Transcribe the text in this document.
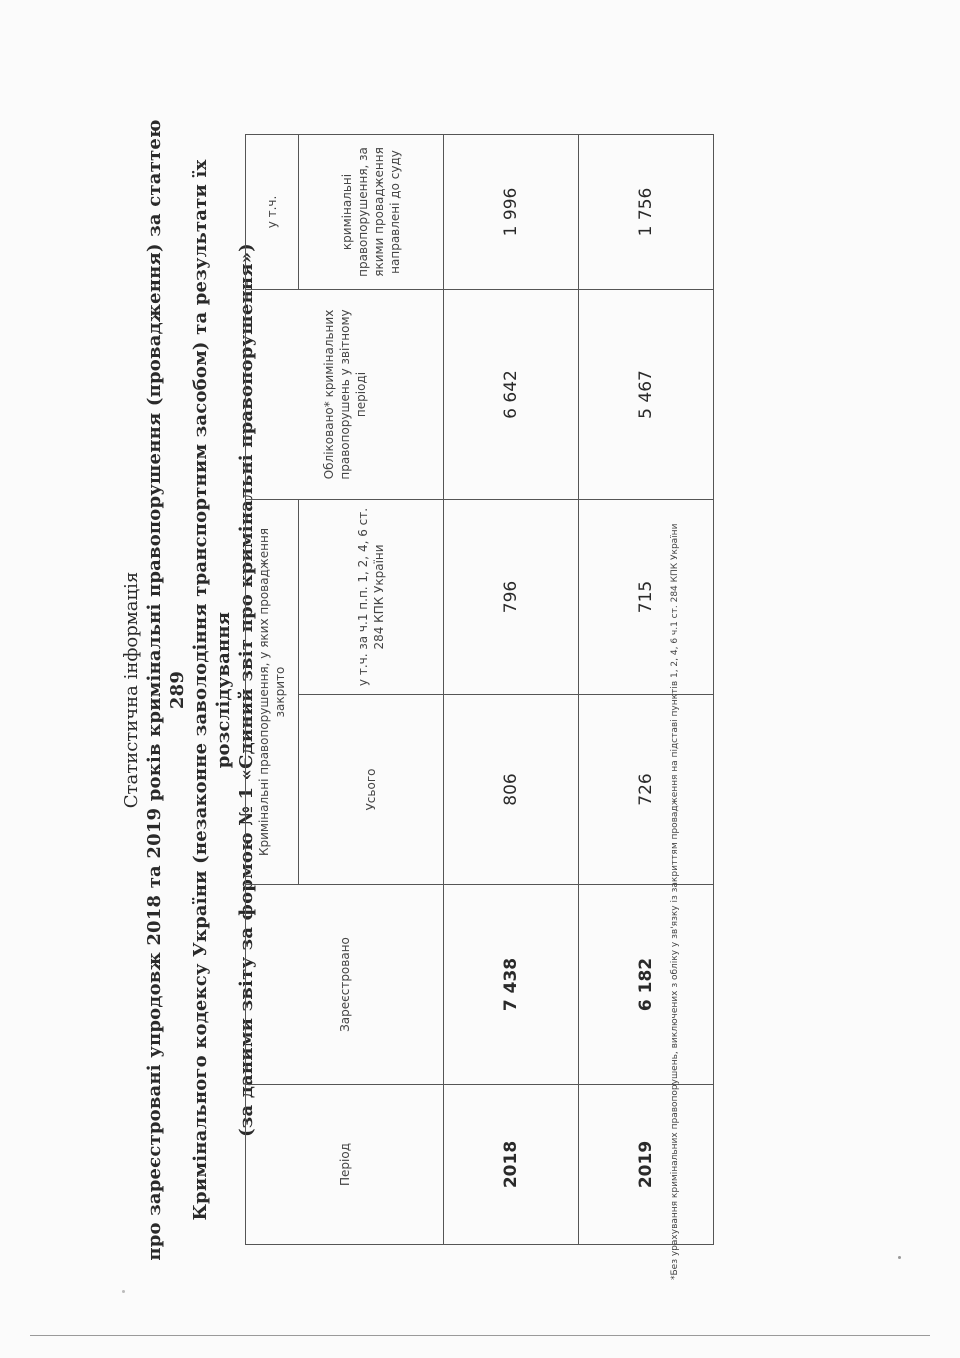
Статистична інформація про зареєстровані упродовж 2018 та 2019 років кримінальні правопорушення (провадження) за статтею 289 Кримінального кодексу України (незаконне заволодіння транспортним засобом) та результати їх розслідування (за даними звіту за формою № 1 «Єдиний звіт про кримінальні правопорушення»)
Період	Зареєстровано	Кримінальні правопорушення, у яких провадження закрито		Обліковано* кримінальних правопорушень у звітному періоді	у т.ч.
		Усього	у т.ч. за ч.1 п.п. 1, 2, 4, 6 ст. 284 КПК України		кримінальні правопорушення, за якими провадження направлені до суду
2018	7 438	806	796	6 642	1 996
2019	6 182	726	715	5 467	1 756
*Без урахування кримінальних правопорушень, виключених з обліку у зв'язку із закриттям провадження на підставі пунктів 1, 2, 4, 6 ч.1 ст. 284 КПК України
